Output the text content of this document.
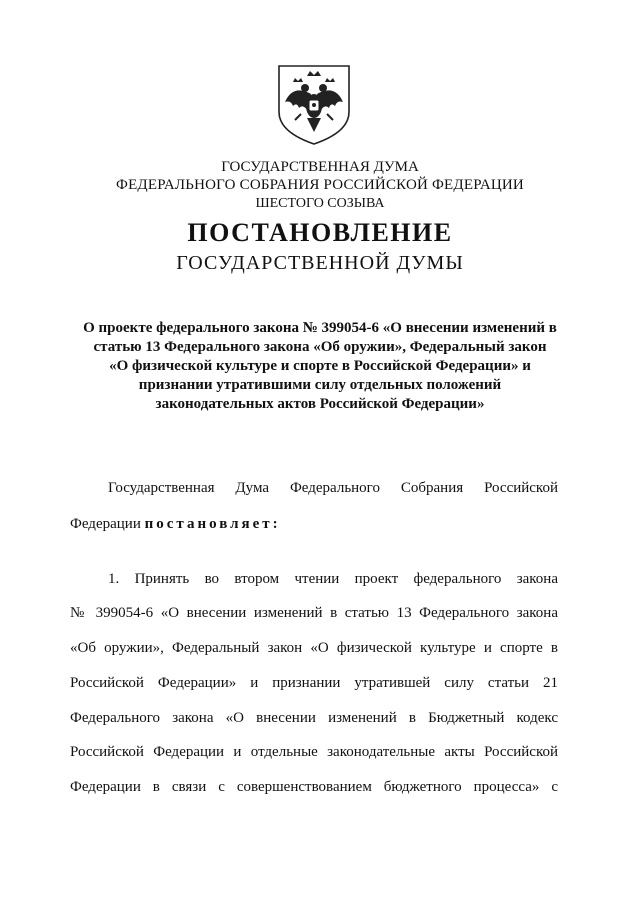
ГОСУДАРСТВЕННАЯ ДУМА
ФЕДЕРАЛЬНОГО СОБРАНИЯ РОССИЙСКОЙ ФЕДЕРАЦИИ
ШЕСТОГО СОЗЫВА
ПОСТАНОВЛЕНИЕ
ГОСУДАРСТВЕННОЙ ДУМЫ
О проекте федерального закона № 399054-6 «О внесении изменений в
статью 13 Федерального закона «Об оружии», Федеральный закон
«О физической культуре и спорте в Российской Федерации» и
признании утратившими силу отдельных положений
законодательных актов Российской Федерации»
Государственная Дума Федерального Собрания Российской
Федерации постановляет:
1. Принять во втором чтении проект федерального закона
№ 399054-6 «О внесении изменений в статью 13 Федерального закона
«Об оружии», Федеральный закон «О физической культуре и спорте в
Российской Федерации» и признании утратившей силу статьи 21
Федерального закона «О внесении изменений в Бюджетный кодекс
Российской Федерации и отдельные законодательные акты Российской
Федерации в связи с совершенствованием бюджетного процесса» с
